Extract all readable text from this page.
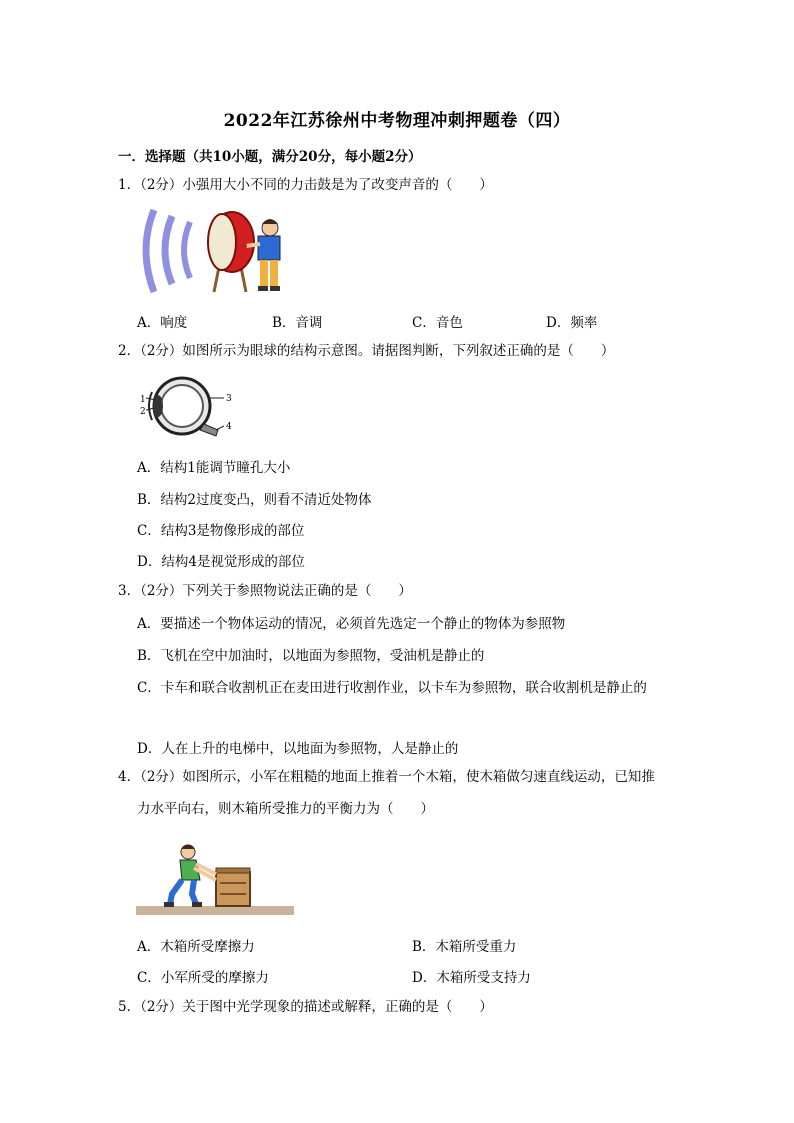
2022年江苏徐州中考物理冲刺押题卷（四）
一．选择题（共10小题，满分20分，每小题2分）
1．（2分）小强用大小不同的力击鼓是为了改变声音的（　　）
A．响度	B．音调	C．音色	D．频率
2．（2分）如图所示为眼球的结构示意图。请据图判断，下列叙述正确的是（　　）
1
2
3
4
A．结构1能调节瞳孔大小
B．结构2过度变凸，则看不清近处物体
C．结构3是物像形成的部位
D．结构4是视觉形成的部位
3．（2分）下列关于参照物说法正确的是（　　）
A．要描述一个物体运动的情况，必须首先选定一个静止的物体为参照物
B．飞机在空中加油时，以地面为参照物，受油机是静止的
C．卡车和联合收割机正在麦田进行收割作业，以卡车为参照物，联合收割机是静止的
D．人在上升的电梯中，以地面为参照物，人是静止的
4．（2分）如图所示，小军在粗糙的地面上推着一个木箱，使木箱做匀速直线运动，已知推
力水平向右，则木箱所受推力的平衡力为（　　）
A．木箱所受摩擦力	B．木箱所受重力
C．小军所受的摩擦力	D．木箱所受支持力
5．（2分）关于图中光学现象的描述或解释，正确的是（　　）
